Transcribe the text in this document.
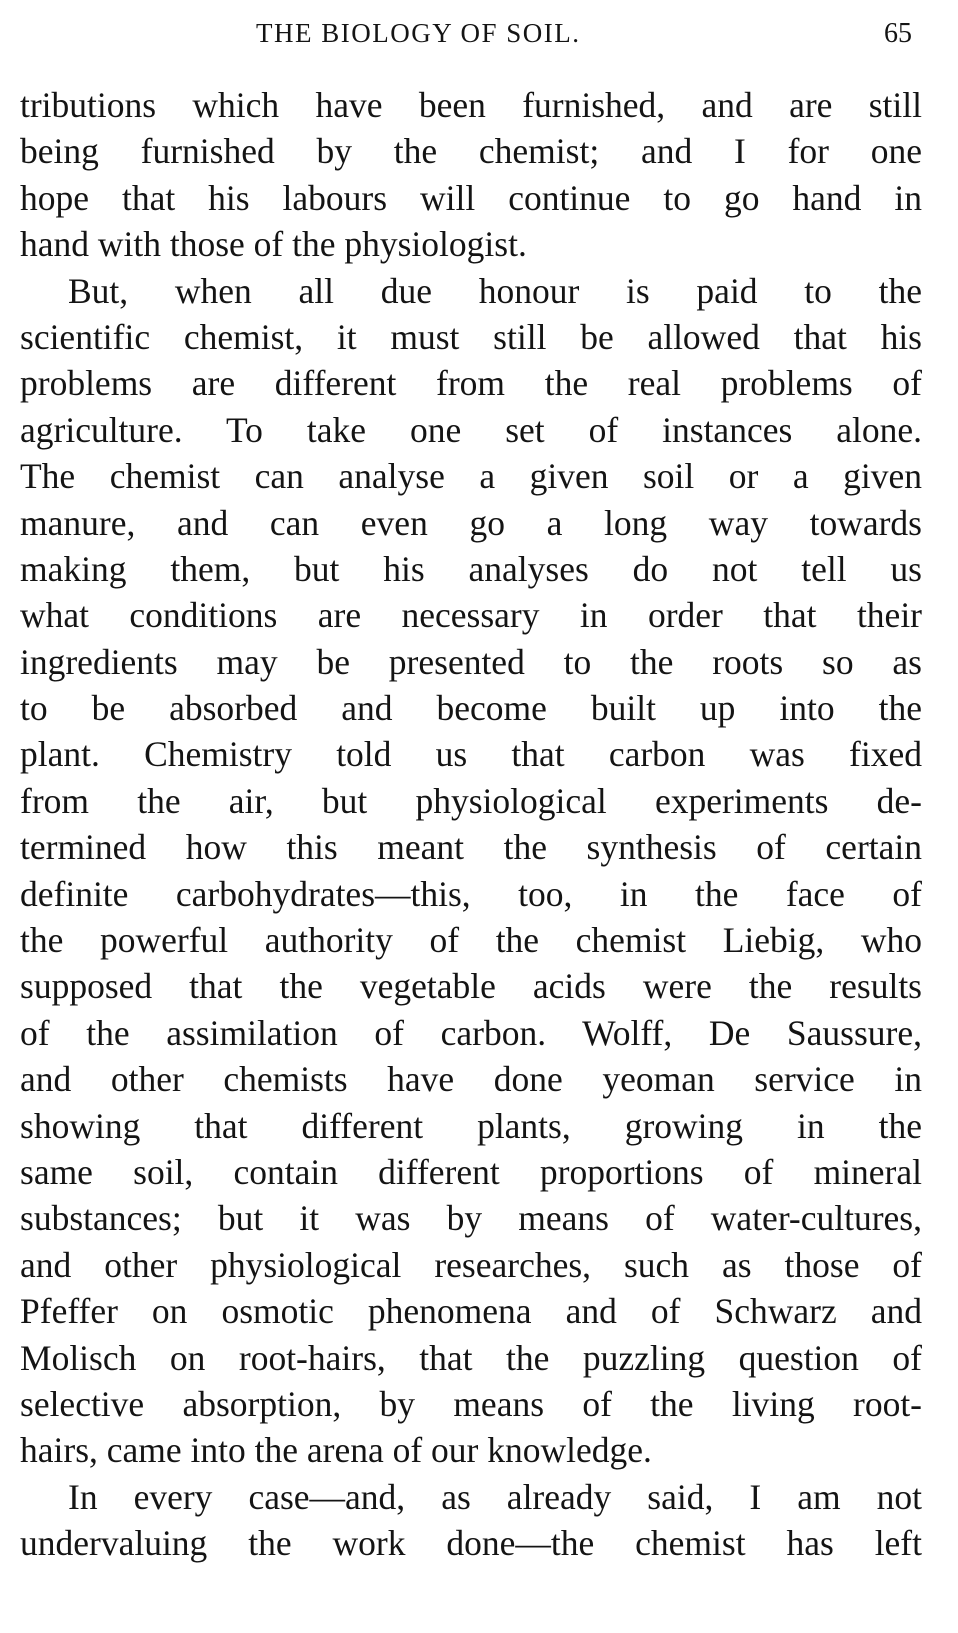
THE BIOLOGY OF SOIL.	65
tributions which have been furnished, and are still
being furnished by the chemist; and I for one
hope that his labours will continue to go hand in
hand with those of the physiologist.
But, when all due honour is paid to the
scientific chemist, it must still be allowed that his
problems are different from the real problems of
agriculture. To take one set of instances alone.
The chemist can analyse a given soil or a given
manure, and can even go a long way towards
making them, but his analyses do not tell us
what conditions are necessary in order that their
ingredients may be presented to the roots so as
to be absorbed and become built up into the
plant. Chemistry told us that carbon was fixed
from the air, but physiological experiments de-
termined how this meant the synthesis of certain
definite carbohydrates—this, too, in the face of
the powerful authority of the chemist Liebig, who
supposed that the vegetable acids were the results
of the assimilation of carbon. Wolff, De Saussure,
and other chemists have done yeoman service in
showing that different plants, growing in the
same soil, contain different proportions of mineral
substances; but it was by means of water-cultures,
and other physiological researches, such as those of
Pfeffer on osmotic phenomena and of Schwarz and
Molisch on root-hairs, that the puzzling question of
selective absorption, by means of the living root-
hairs, came into the arena of our knowledge.
In every case—and, as already said, I am not
undervaluing the work done—the chemist has left
